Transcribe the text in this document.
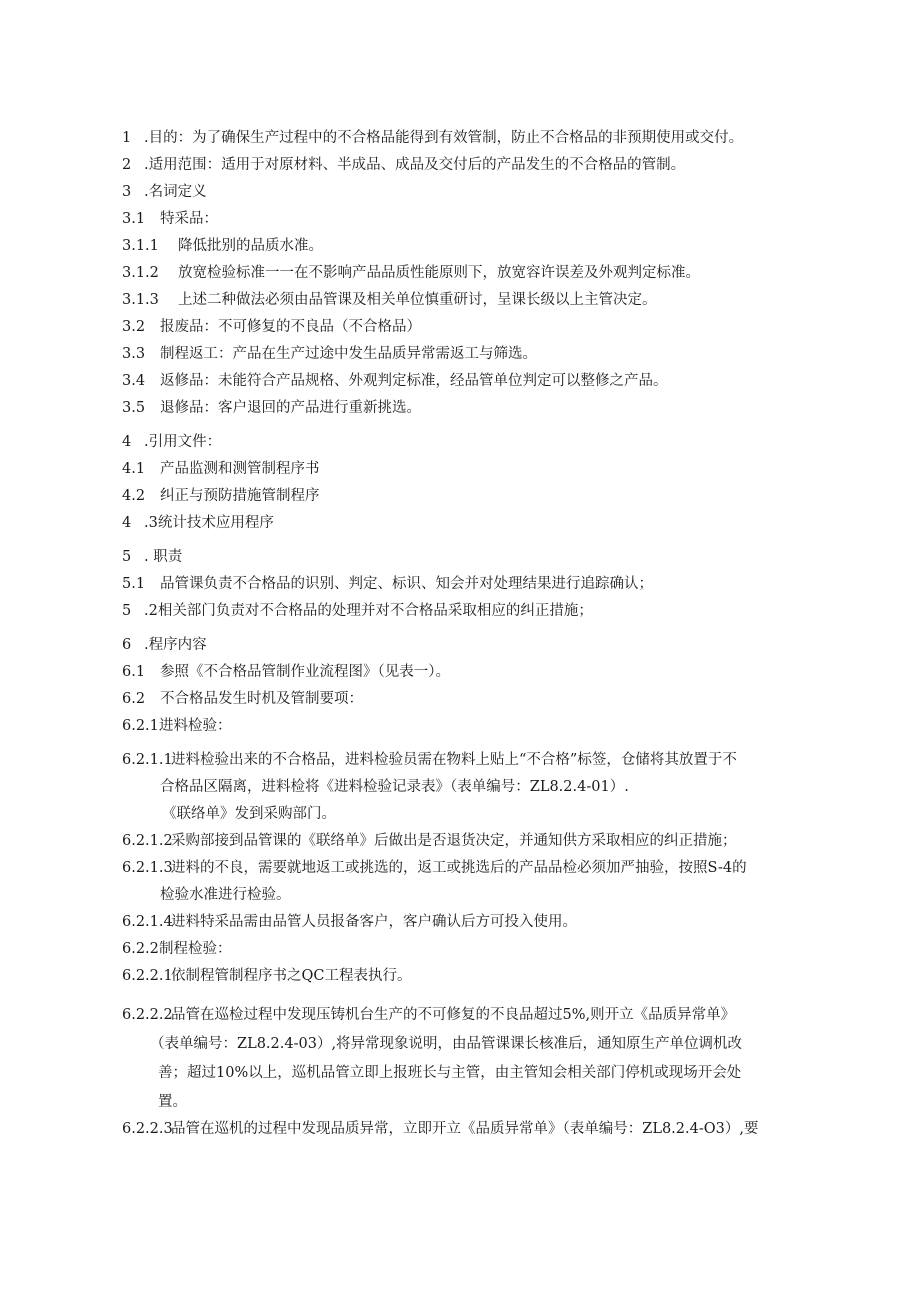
1 .目的：为了确保生产过程中的不合格品能得到有效管制，防止不合格品的非预期使用或交付。
2 .适用范围：适用于对原材料、半成品、成品及交付后的产品发生的不合格品的管制。
3 .名词定义
3.1 特采品：
3.1.1 降低批别的品质水准。
3.1.2 放宽检验标准一一在不影响产品品质性能原则下，放宽容许误差及外观判定标准。
3.1.3 上述二种做法必须由品管课及相关单位慎重研讨，呈课长级以上主管决定。
3.2 报废品：不可修复的不良品（不合格品）
3.3 制程返工：产品在生产过途中发生品质异常需返工与筛选。
3.4 返修品：未能符合产品规格、外观判定标准，经品管单位判定可以整修之产品。
3.5 退修品：客户退回的产品进行重新挑选。
4 .引用文件：
4.1 产品监测和测管制程序书
4.2 纠正与预防措施管制程序
4 .3统计技术应用程序
5 . 职责
5.1 品管课负责不合格品的识别、判定、标识、知会并对处理结果进行追踪确认；
5 .2相关部门负责对不合格品的处理并对不合格品采取相应的纠正措施；
6 .程序内容
6.1 参照《不合格品管制作业流程图》（见表一）。
6.2 不合格品发生时机及管制要项：
6.2.1 进料检验：
6.2.1.1
进料检验出来的不合格品，进料检验员需在物料上贴上“不合格”标签，仓储将其放置于不
合格品区隔离，进料检将《进料检验记录表》（表单编号：ZL8.2.4-01）.
《联络单》发到采购部门。
6.2.1.2
采购部接到品管课的《联络单》后做出是否退货决定，并通知供方采取相应的纠正措施；
6.2.1.3
进料的不良，需要就地返工或挑选的，返工或挑选后的产品品检必须加严抽验，按照S-4的
检验水准进行检验。
6.2.1.4
进料特采品需由品管人员报备客户，客户确认后方可投入使用。
6.2.2 制程检验：
6.2.2.1
依制程管制程序书之QC工程表执行。
6.2.2.2
品管在巡检过程中发现压铸机台生产的不可修复的不良品超过5%,则开立《品质异常单》
（表单编号：ZL8.2.4-03）,将异常现象说明，由品管课课长核准后，通知原生产单位调机改
善；超过10%以上，巡机品管立即上报班长与主管，由主管知会相关部门停机或现场开会处
置。
6.2.2.3
品管在巡机的过程中发现品质异常，立即开立《品质异常单》（表单编号：ZL8.2.4-O3）,要
